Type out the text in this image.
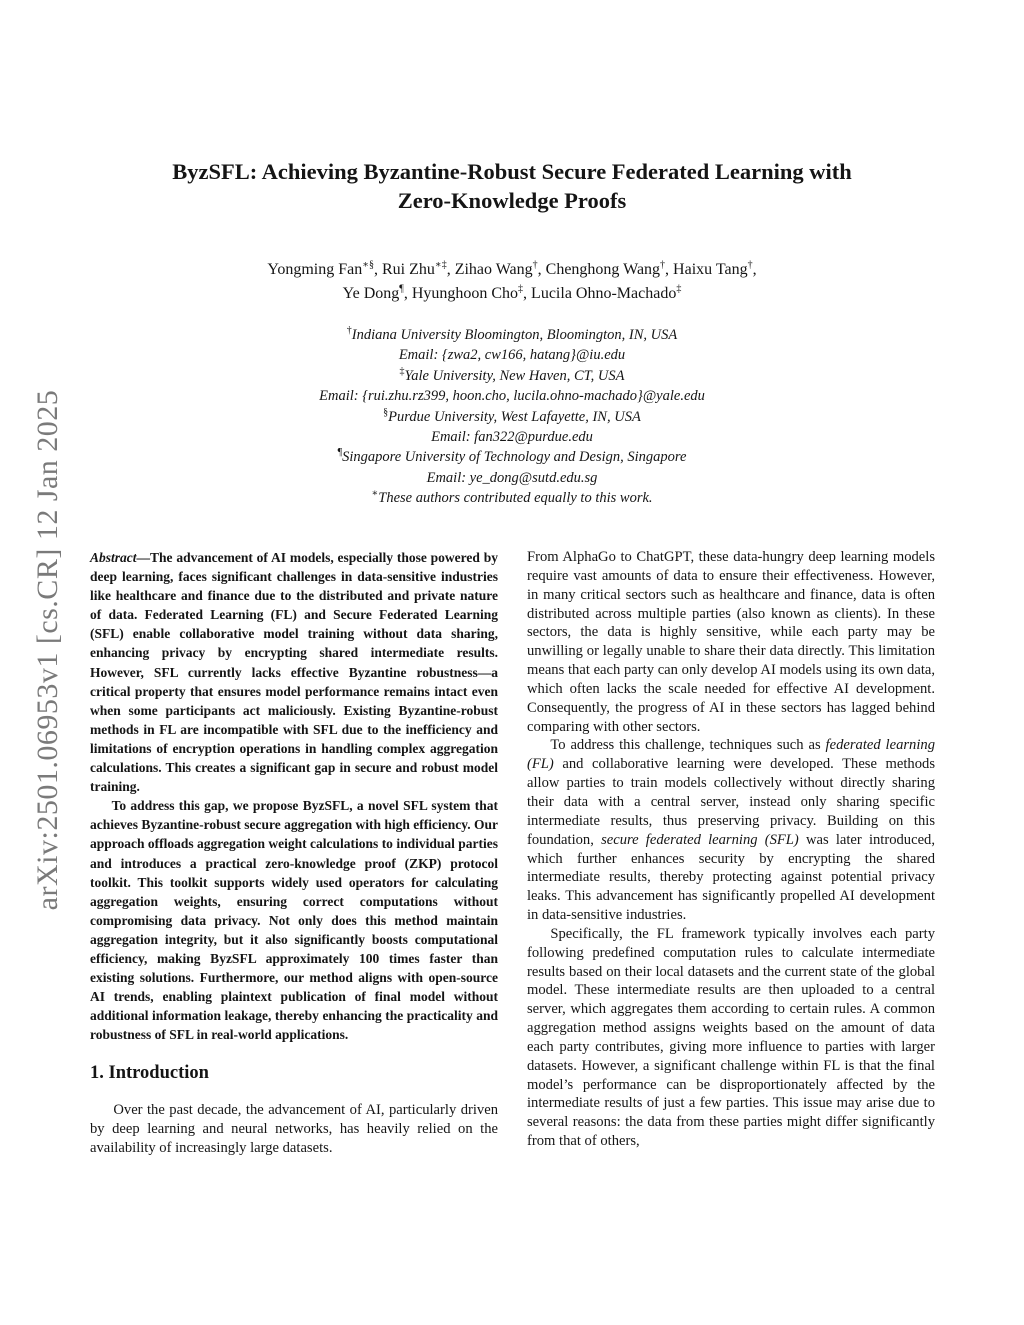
arXiv:2501.06953v1 [cs.CR] 12 Jan 2025
ByzSFL: Achieving Byzantine-Robust Secure Federated Learning with
Zero-Knowledge Proofs
Yongming Fan∗§, Rui Zhu∗‡, Zihao Wang†, Chenghong Wang†, Haixu Tang†,
Ye Dong¶, Hyunghoon Cho‡, Lucila Ohno-Machado‡
†Indiana University Bloomington, Bloomington, IN, USA
Email: {zwa2, cw166, hatang}@iu.edu
‡Yale University, New Haven, CT, USA
Email: {rui.zhu.rz399, hoon.cho, lucila.ohno-machado}@yale.edu
§Purdue University, West Lafayette, IN, USA
Email: fan322@purdue.edu
¶Singapore University of Technology and Design, Singapore
Email: ye_dong@sutd.edu.sg
∗These authors contributed equally to this work.

Abstract—The advancement of AI models, especially those powered by deep learning, faces significant challenges in data-sensitive industries like healthcare and finance due to the distributed and private nature of data. Federated Learning (FL) and Secure Federated Learning (SFL) enable collaborative model training without data sharing, enhancing privacy by encrypting shared intermediate results. However, SFL currently lacks effective Byzantine robustness—a critical property that ensures model performance remains intact even when some participants act maliciously. Existing Byzantine-robust methods in FL are incompatible with SFL due to the inefficiency and limitations of encryption operations in handling complex aggregation calculations. This creates a significant gap in secure and robust model training.

To address this gap, we propose ByzSFL, a novel SFL system that achieves Byzantine-robust secure aggregation with high efficiency. Our approach offloads aggregation weight calculations to individual parties and introduces a practical zero-knowledge proof (ZKP) protocol toolkit. This toolkit supports widely used operators for calculating aggregation weights, ensuring correct computations without compromising data privacy. Not only does this method maintain aggregation integrity, but it also significantly boosts computational efficiency, making ByzSFL approximately 100 times faster than existing solutions. Furthermore, our method aligns with open-source AI trends, enabling plaintext publication of final model without additional information leakage, thereby enhancing the practicality and robustness of SFL in real-world applications.

1. Introduction

Over the past decade, the advancement of AI, particularly driven by deep learning and neural networks, has heavily relied on the availability of increasingly large datasets.

From AlphaGo to ChatGPT, these data-hungry deep learning models require vast amounts of data to ensure their effectiveness. However, in many critical sectors such as healthcare and finance, data is often distributed across multiple parties (also known as clients). In these sectors, the data is highly sensitive, while each party may be unwilling or legally unable to share their data directly. This limitation means that each party can only develop AI models using its own data, which often lacks the scale needed for effective AI development. Consequently, the progress of AI in these sectors has lagged behind comparing with other sectors.

To address this challenge, techniques such as federated learning (FL) and collaborative learning were developed. These methods allow parties to train models collectively without directly sharing their data with a central server, instead only sharing specific intermediate results, thus preserving privacy. Building on this foundation, secure federated learning (SFL) was later introduced, which further enhances security by encrypting the shared intermediate results, thereby protecting against potential privacy leaks. This advancement has significantly propelled AI development in data-sensitive industries.

Specifically, the FL framework typically involves each party following predefined computation rules to calculate intermediate results based on their local datasets and the current state of the global model. These intermediate results are then uploaded to a central server, which aggregates them according to certain rules. A common aggregation method assigns weights based on the amount of data each party contributes, giving more influence to parties with larger datasets. However, a significant challenge within FL is that the final model’s performance can be disproportionately affected by the intermediate results of just a few parties. This issue may arise due to several reasons: the data from these parties might differ significantly from that of others,
